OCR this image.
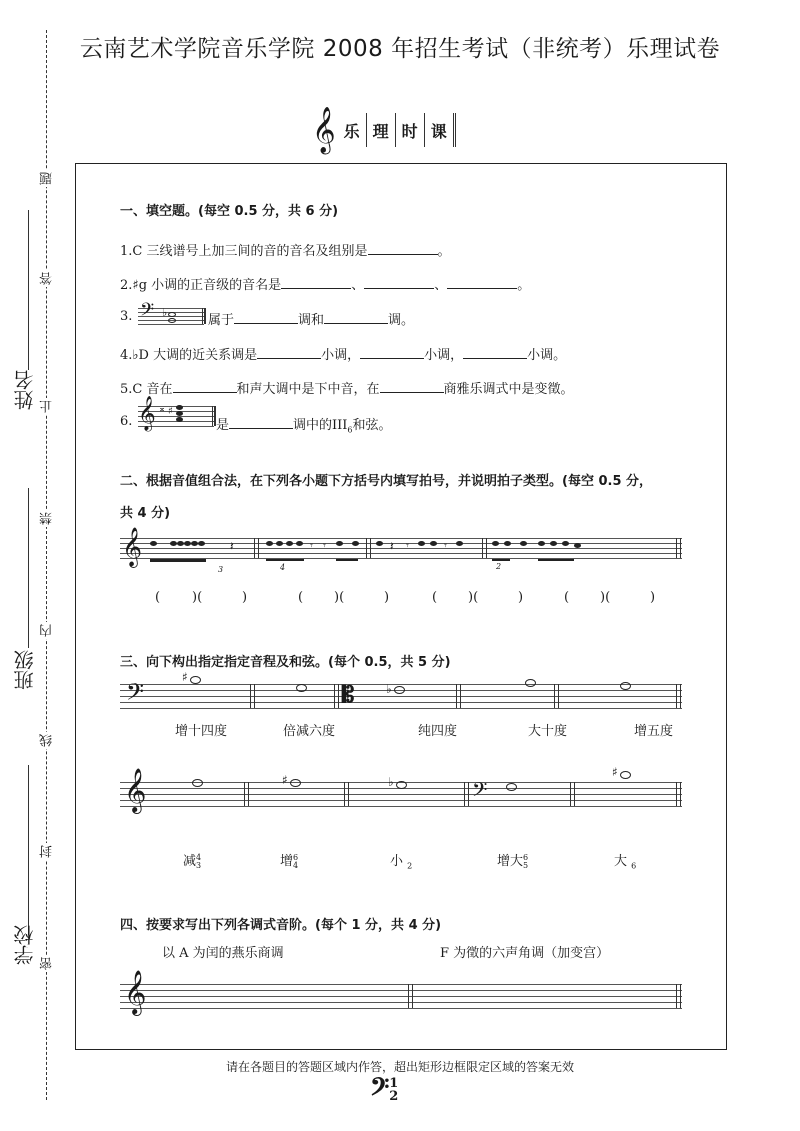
云南艺术学院音乐学院 2008 年招生考试（非统考）乐理试卷
𝄞 乐 理 时 课
题
答
止
禁
内
线
封
密
姓名
班级
学校
一、填空题。(每空 0.5 分，共 6 分)
1.C 三线谱号上加三间的音的音名及组别是	。
2.♯g 小调的正音级的音名是	、	、	。
3. 𝄢 ♭
属于	调和	调。
4.♭D 大调的近关系调是	小调，	小调，	小调。
5.C 音在	和声大调中是下中音，在	商雅乐调式中是变徵。
6. 𝄞 𝄪 ♯
是	调中的$III_6$和弦。
二、根据音值组合法，在下列各小题下方括号内填写拍号，并说明拍子类型。(每空 0.5 分，
共 4 分)
𝄞
3
𝄽
4
𝄾 𝄾	𝄽 𝄾	𝄾
2
( )(	)	( )(	)	( )(	)	( )(	)
三、向下构出指定指定音程及和弦。(每个 0.5，共 5 分)
𝄢
♯
𝄡	♭
增十四度	倍减六度	纯四度	大十度	增五度
𝄞	♯	♭	𝄢
♯
减 4
3	增 6
4	小 $_2$	增大 6
5	大 $_6$
四、按要求写出下列各调式音阶。(每个 1 分，共 4 分)
以 A 为闰的燕乐商调	F 为徵的六声角调（加变宫）
𝄞
请在各题目的答题区域内作答，超出矩形边框限定区域的答案无效
𝄢1
2
